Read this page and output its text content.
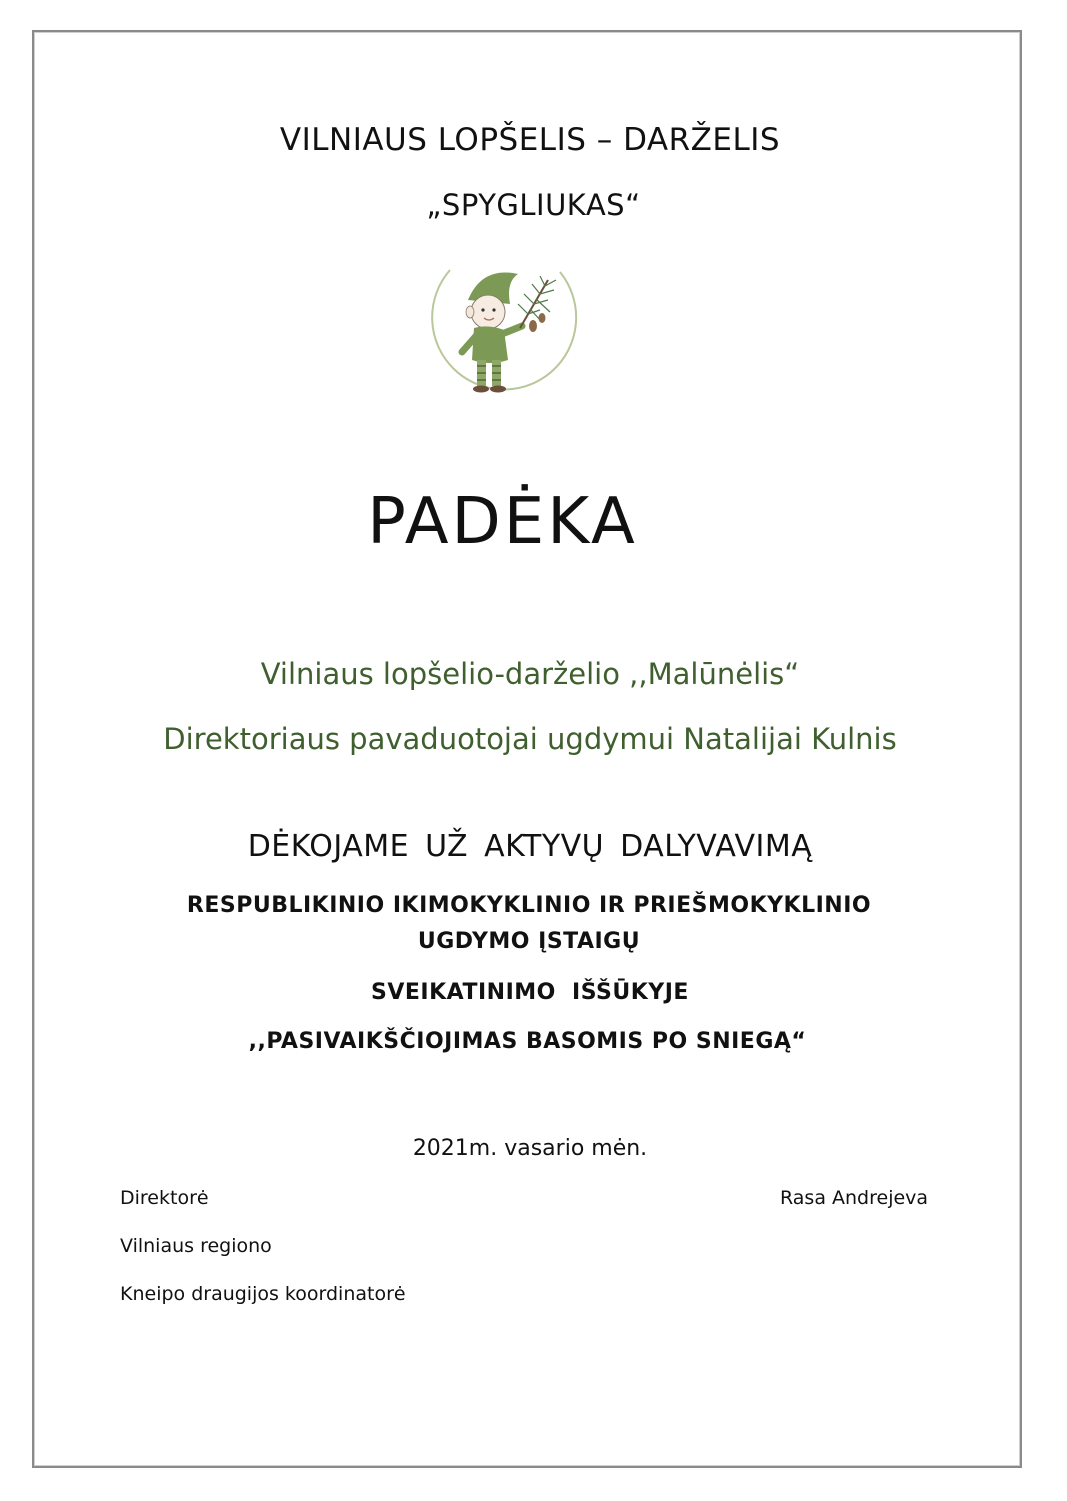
VILNIAUS LOPŠELIS – DARŽELIS
„SPYGLIUKAS“
PADĖKA
Vilniaus lopšelio-darželio ,,Malūnėlis“
Direktoriaus pavaduotojai ugdymui Natalijai Kulnis
DĖKOJAME UŽ AKTYVŲ DALYVAVIMĄ
RESPUBLIKINIO IKIMOKYKLINIO IR PRIEŠMOKYKLINIO
UGDYMO ĮSTAIGŲ
SVEIKATINIMO IŠŠŪKYJE
,,PASIVAIKŠČIOJIMAS BASOMIS PO SNIEGĄ“
2021m. vasario mėn.
Direktorė
Vilniaus regiono
Kneipo draugijos koordinatorė
Rasa Andrejeva
